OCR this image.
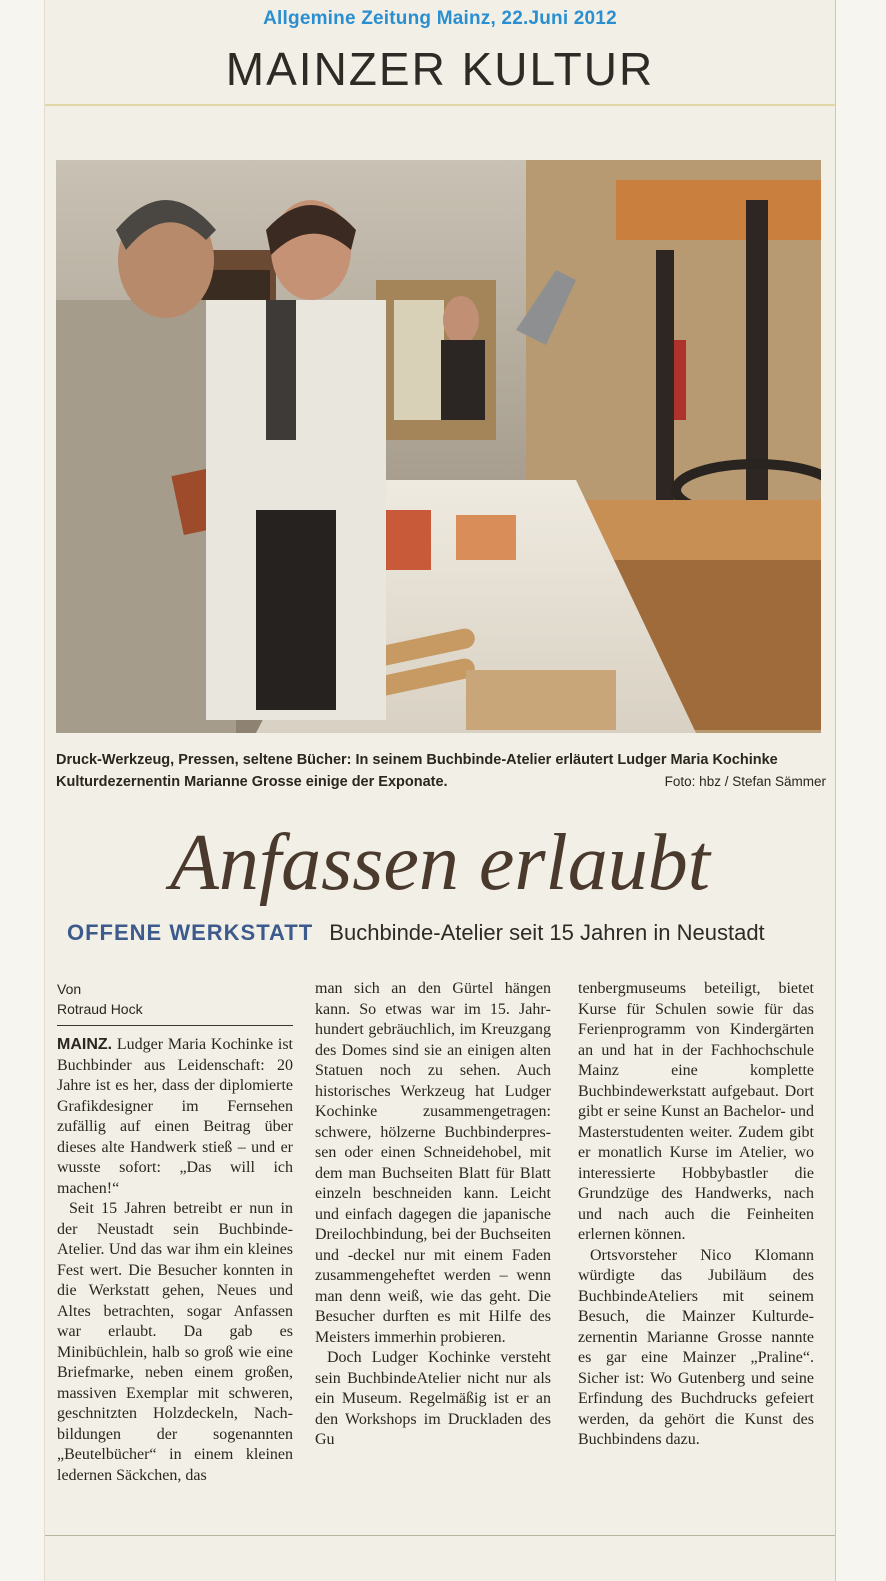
Allgemine Zeitung Mainz, 22.Juni 2012
MAINZER KULTUR
Druck-Werkzeug, Pressen, seltene Bücher: In seinem Buchbinde-Atelier erläutert Ludger Maria Kochinke Kulturdezernentin Marianne Grosse einige der Exponate.	Foto: hbz / Stefan Sämmer
Anfassen erlaubt
OFFENE WERKSTATT Buchbinde-Atelier seit 15 Jahren in Neustadt
Von
Rotraud Hock

MAINZ. Ludger Maria Kochinke ist Buchbinder aus Leidenschaft: 20 Jahre ist es her, dass der diplomierte Grafikdesigner im Fernsehen zufällig auf einen Beitrag über dieses alte Handwerk stieß – und er wusste sofort: „Das will ich machen!“

Seit 15 Jahren betreibt er nun in der Neustadt sein Buchbinde-Atelier. Und das war ihm ein kleines Fest wert. Die Besucher konnten in die Werkstatt gehen, Neues und Altes betrachten, sogar Anfassen war erlaubt. Da gab es Minibüchlein, halb so groß wie eine Briefmarke, neben einem großen, massiven Exemplar mit schweren, geschnitzten Holzdeckeln, Nachbildungen der sogenannten „Beutelbücher“ in einem kleinen ledernen Säckchen, das

man sich an den Gürtel hängen kann. So etwas war im 15. Jahrhundert gebräuchlich, im Kreuzgang des Domes sind sie an einigen alten Statuen noch zu sehen. Auch historisches Werkzeug hat Ludger Kochinke zusammengetragen: schwere, hölzerne Buchbinderpressen oder einen Schneidehobel, mit dem man Buchseiten Blatt für Blatt einzeln beschneiden kann. Leicht und einfach dagegen die japanische Dreilochbindung, bei der Buchseiten und -deckel nur mit einem Faden zusammengeheftet werden – wenn man denn weiß, wie das geht. Die Besucher durften es mit Hilfe des Meisters immerhin probieren.

Doch Ludger Kochinke versteht sein BuchbindeAtelier nicht nur als ein Museum. Regelmäßig ist er an den Workshops im Druckladen des Gu

tenbergmuseums beteiligt, bietet Kurse für Schulen sowie für das Ferienprogramm von Kindergärten an und hat in der Fachhochschule Mainz eine komplette Buchbindewerkstatt aufgebaut. Dort gibt er seine Kunst an Bachelor- und Masterstudenten weiter. Zudem gibt er monatlich Kurse im Atelier, wo interessierte Hobbybastler die Grundzüge des Handwerks, nach und nach auch die Feinheiten erlernen können.

Ortsvorsteher Nico Klomann würdigte das Jubiläum des BuchbindeAteliers mit seinem Besuch, die Mainzer Kulturdezernentin Marianne Grosse nannte es gar eine Mainzer „Praline“. Sicher ist: Wo Gutenberg und seine Erfindung des Buchdrucks gefeiert werden, da gehört die Kunst des Buchbindens dazu.
